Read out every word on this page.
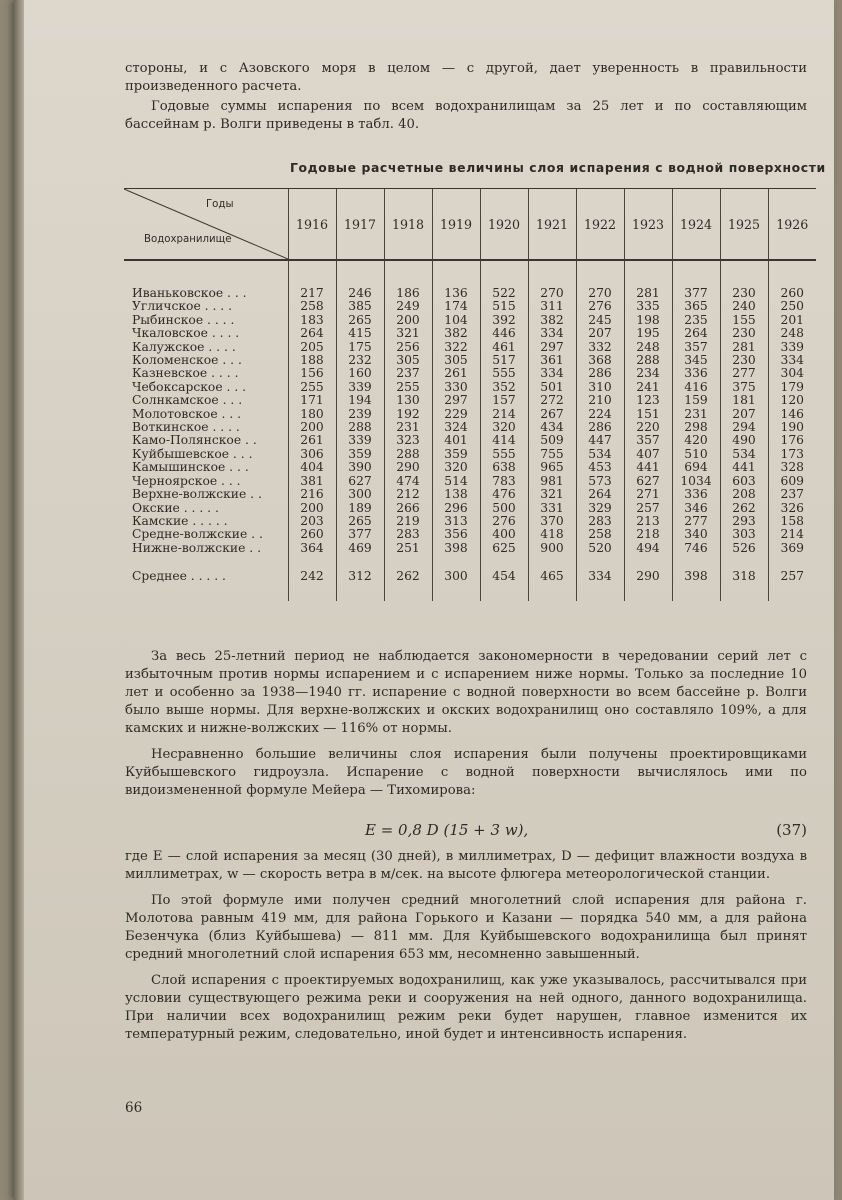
стороны, и с Азовского моря в целом — с другой, дает уверенность в правильности произведенного расчета.

Годовые суммы испарения по всем водохранилищам за 25 лет и по составляющим бассейнам р. Волги приведены в табл. 40.

Годовые расчетные величины слоя испарения с водной поверхности
Годы
Водохранилище	1916	1917	1918	1919	1920	1921	1922	1923	1924	1925	1926

Иваньковское . . .	217	246	186	136	522	270	270	281	377	230	260
Угличское . . . .	258	385	249	174	515	311	276	335	365	240	250
Рыбинское . . . .	183	265	200	104	392	382	245	198	235	155	201
Чкаловское . . . .	264	415	321	382	446	334	207	195	264	230	248
Калужское . . . .	205	175	256	322	461	297	332	248	357	281	339
Коломенское . . .	188	232	305	305	517	361	368	288	345	230	334
Казневское . . . .	156	160	237	261	555	334	286	234	336	277	304
Чебоксарское . . .	255	339	255	330	352	501	310	241	416	375	179
Солнкамское . . .	171	194	130	297	157	272	210	123	159	181	120
Молотовское . . .	180	239	192	229	214	267	224	151	231	207	146
Воткинское . . . .	200	288	231	324	320	434	286	220	298	294	190
Камо-Полянское . .	261	339	323	401	414	509	447	357	420	490	176
Куйбышевское . . .	306	359	288	359	555	755	534	407	510	534	173
Камышинское . . .	404	390	290	320	638	965	453	441	694	441	328
Черноярское . . .	381	627	474	514	783	981	573	627	1034	603	609
Верхне-волжские . .	216	300	212	138	476	321	264	271	336	208	237
Окские . . . . .	200	189	266	296	500	331	329	257	346	262	326
Камские . . . . .	203	265	219	313	276	370	283	213	277	293	158
Средне-волжские . .	260	377	283	356	400	418	258	218	340	303	214
Нижне-волжские . .	364	469	251	398	625	900	520	494	746	526	369

Среднее . . . . .	242	312	262	300	454	465	334	290	398	318	257

За весь 25-летний период не наблюдается закономерности в чередовании серий лет с избыточным против нормы испарением и с испарением ниже нормы. Только за последние 10 лет и особенно за 1938—1940 гг. испарение с водной поверхности во всем бассейне р. Волги было выше нормы. Для верхне-волжских и окских водохранилищ оно составляло 109%, а для камских и нижне-волжских — 116% от нормы.

Несравненно большие величины слоя испарения были получены проектировщиками Куйбышевского гидроузла. Испарение с водной поверхности вычислялось ими по видоизмененной формуле Мейера — Тихомирова:

E = 0,8 D (15 + 3 w),	(37)

где E — слой испарения за месяц (30 дней), в миллиметрах, D — дефицит влажности воздуха в миллиметрах, w — скорость ветра в м/сек. на высоте флюгера метеорологической станции.

По этой формуле ими получен средний многолетний слой испарения для района г. Молотова равным 419 мм, для района Горького и Казани — порядка 540 мм, а для района Безенчука (близ Куйбышева) — 811 мм. Для Куйбышевского водохранилища был принят средний многолетний слой испарения 653 мм, несомненно завышенный.

Слой испарения с проектируемых водохранилищ, как уже указывалось, рассчитывался при условии существующего режима реки и сооружения на ней одного, данного водохранилища. При наличии всех водохранилищ режим реки будет нарушен, главное изменится их температурный режим, следовательно, иной будет и интенсивность испарения.

66
